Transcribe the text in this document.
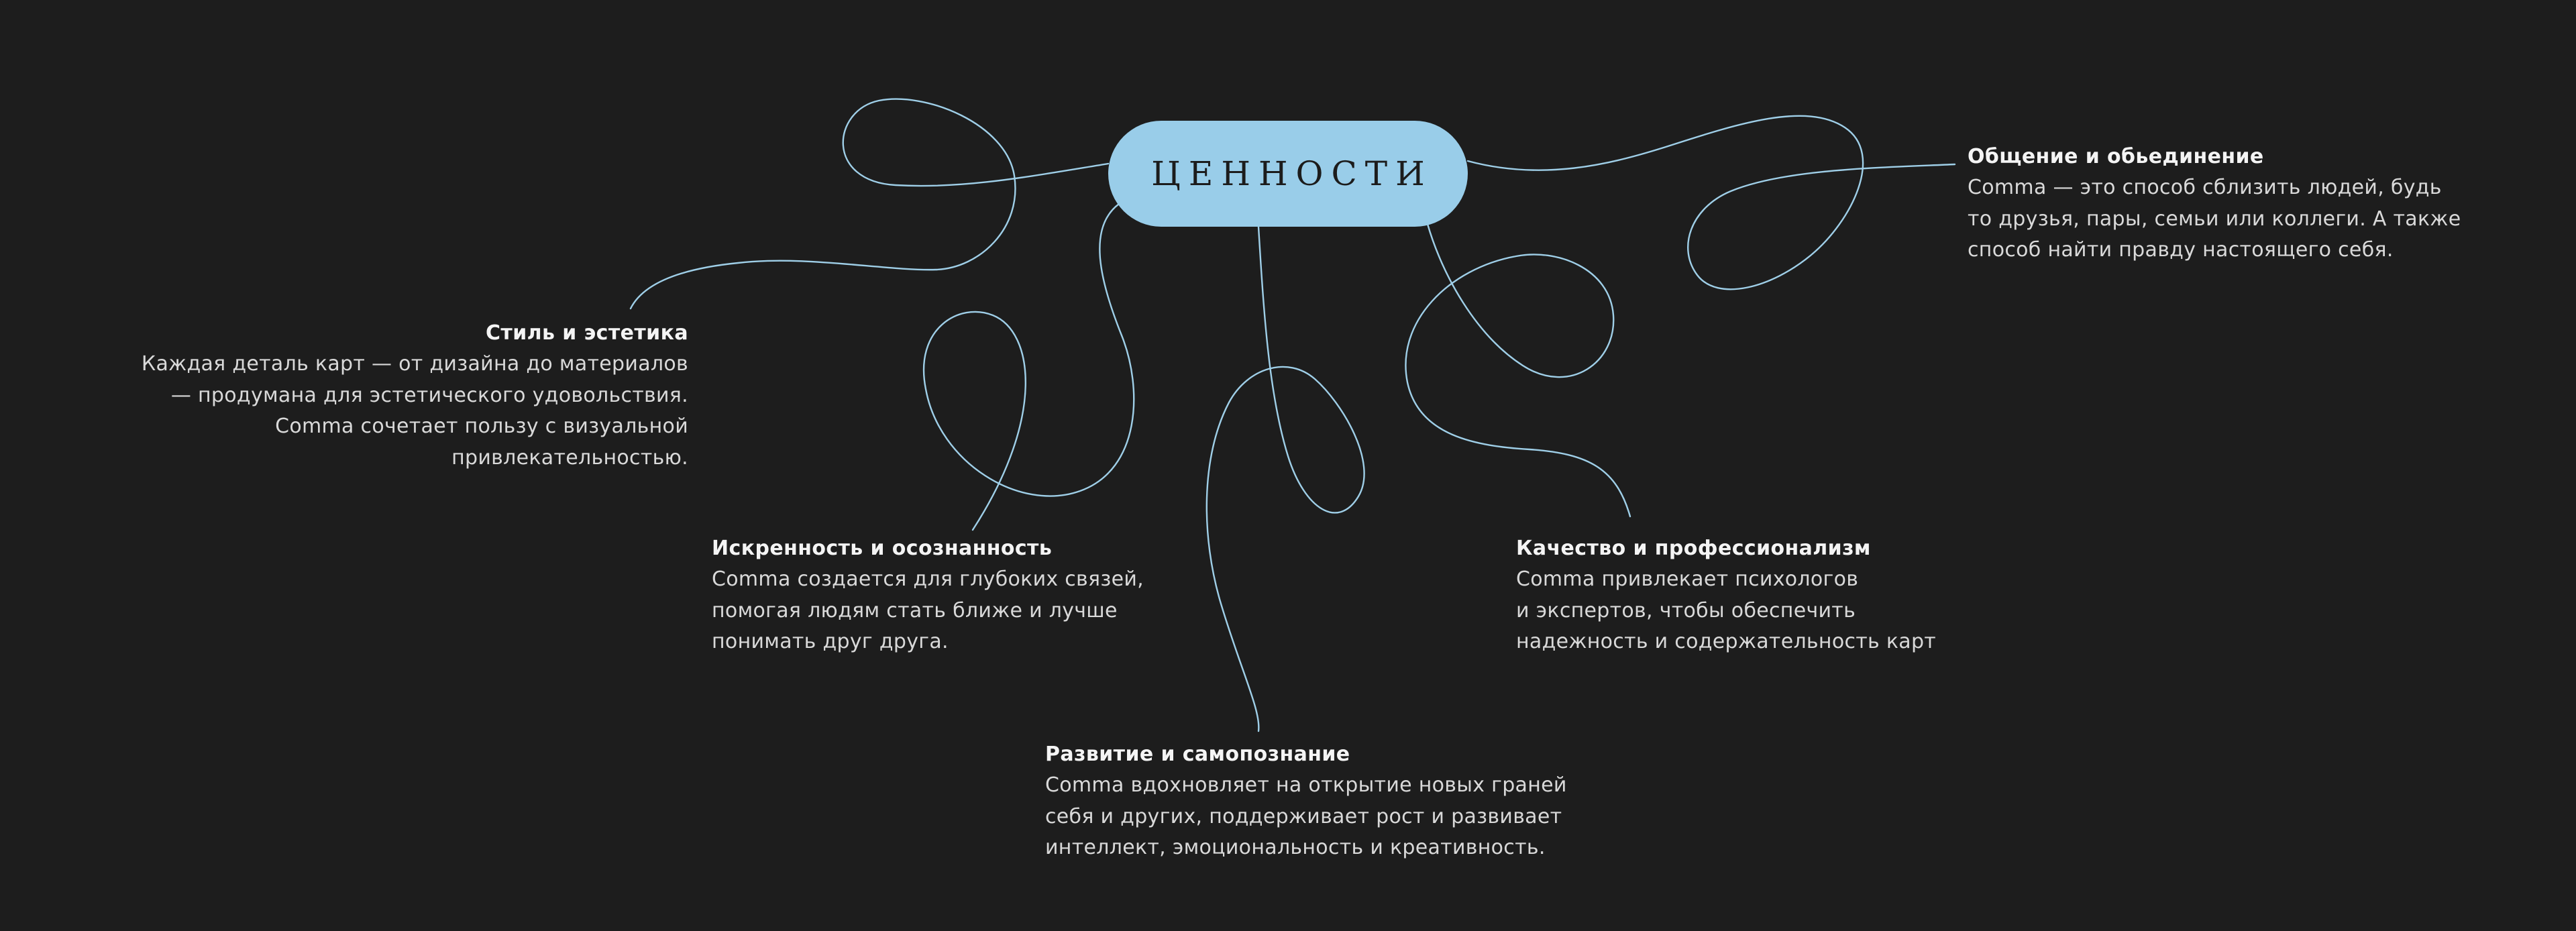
ЦЕННОСТИ
Стиль и эстетика
Каждая деталь карт — от дизайна до материалов
— продумана для эстетического удовольствия.
Comma сочетает пользу с визуальной
привлекательностью.
Искренность и осознанность
Comma создается для глубоких связей,
помогая людям стать ближе и лучше
понимать друг друга.
Развитие и самопознание
Comma вдохновляет на открытие новых граней
себя и других, поддерживает рост и развивает
интеллект, эмоциональность и креативность.
Качество и профессионализм
Comma привлекает психологов
и экспертов, чтобы обеспечить
надежность и содержательность карт
Общение и обьединение
Comma — это способ сблизить людей, будь
то друзья, пары, семьи или коллеги. А также
способ найти правду настоящего себя.
